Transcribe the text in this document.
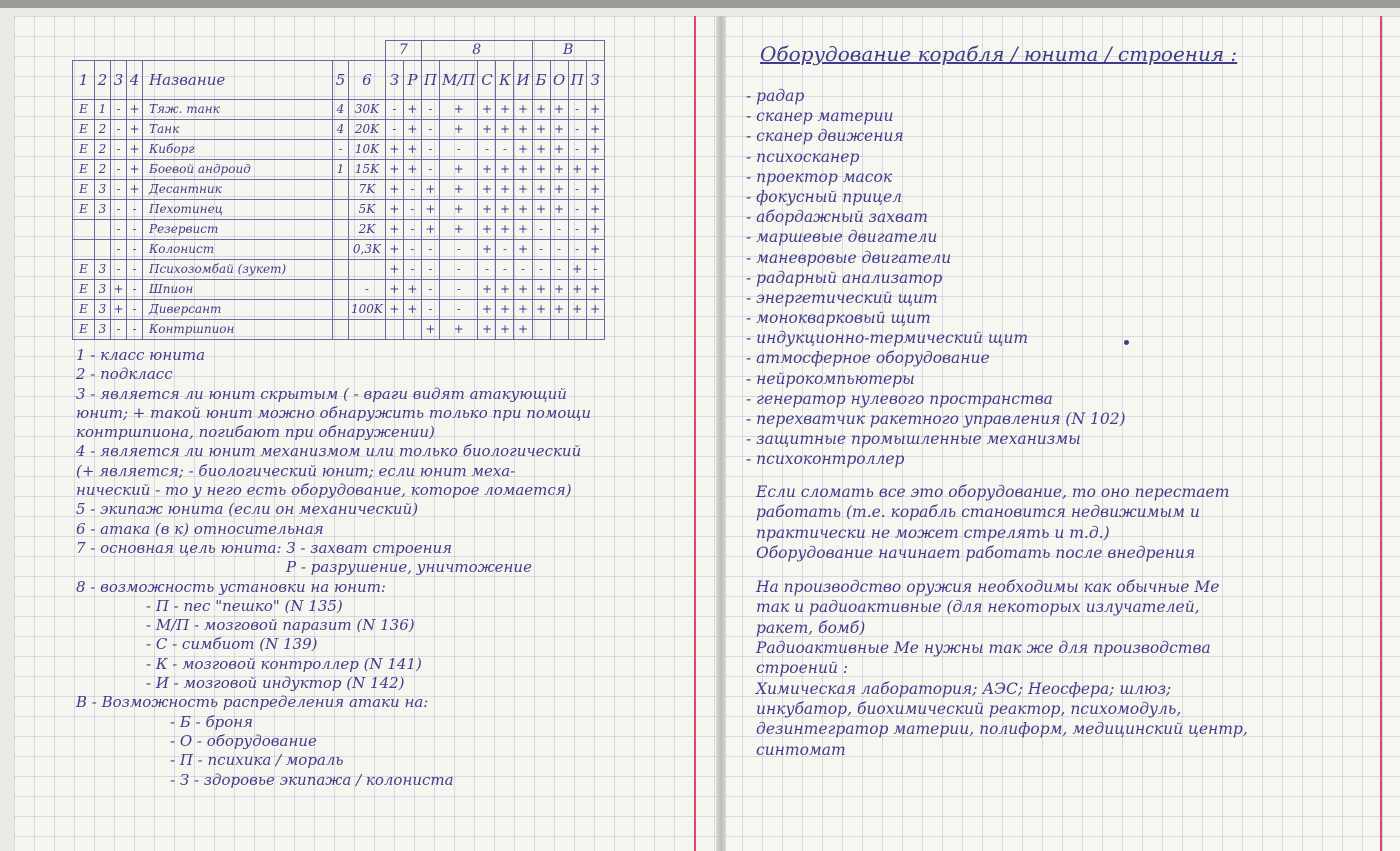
							7		8					В			
1	2	3	4	Название	5	6	З	Р	П	М/П	С	К	И	Б	О	П	З
Е	1	-	+	Тяж. танк	4	30K	-	+	-	+	+	+	+	+	+	-	+
Е	2	-	+	Танк	4	20K	-	+	-	+	+	+	+	+	+	-	+
Е	2	-	+	Киборг	-	10K	+	+	-	-	-	-	+	+	+	-	+
Е	2	-	+	Боевой андроид	1	15K	+	+	-	+	+	+	+	+	+	+	+
Е	3	-	+	Десантник		7K	+	-	+	+	+	+	+	+	+	-	+
Е	3	-	-	Пехотинец		5K	+	-	+	+	+	+	+	+	+	-	+
		-	-	Резервист		2K	+	-	+	+	+	+	+	-	-	-	+
		-	-	Колонист		0,3K	+	-	-	-	+	-	+	-	-	-	+
Е	3	-	-	Психозомбай (зукет)			+	-	-	-	-	-	-	-	-	+	-
Е	3	+	-	Шпион		-	+	+	-	-	+	+	+	+	+	+	+
Е	3	+	-	Диверсант		100K	+	+	-	-	+	+	+	+	+	+	+
Е	3	-	-	Контршпион					+	+	+	+	+				
1 - класс юнита
2 - подкласс
3 - является ли юнит скрытым ( - враги видят атакующий
юнит; + такой юнит можно обнаружить только при помощи
контршпиона, погибают при обнаружении)
4 - является ли юнит механизмом или только биологический
(+ является; - биологический юнит; если юнит меха-
нический - то у него есть оборудование, которое ломается)
5 - экипаж юнита (если он механический)
6 - атака (в к) относительная
7 - основная цель юнита: З - захват строения
Р - разрушение, уничтожение
8 - возможность установки на юнит:
- П - пес "пешко" (N 135)
- М/П - мозговой паразит (N 136)
- С - симбиот (N 139)
- К - мозговой контроллер (N 141)
- И - мозговой индуктор (N 142)
В - Возможность распределения атаки на:
- Б - броня
- О - оборудование
- П - психика / мораль
- З - здоровье экипажа / колониста
Оборудование корабля / юнита / строения :
- радар
- сканер материи
- сканер движения
- психосканер
- проектор масок
- фокусный прицел
- абордажный захват
- маршевые двигатели
- маневровые двигатели
- радарный анализатор
- энергетический щит
- монокварковый щит
- индукционно-термический щит
- атмосферное оборудование
- нейрокомпьютеры
- генератор нулевого пространства
- перехватчик ракетного управления (N 102)
- защитные промышленные механизмы
- психоконтроллер
Если сломать все это оборудование, то оно перестает
работать (т.е. корабль становится недвижимым и
практически не может стрелять и т.д.)
Оборудование начинает работать после внедрения
На производство оружия необходимы как обычные Ме
так и радиоактивные (для некоторых излучателей,
ракет, бомб)
Радиоактивные Ме нужны так же для производства
строений :
Химическая лаборатория; АЭС; Неосфера; шлюз;
инкубатор, биохимический реактор, психомодуль,
дезинтегратор материи, полиформ, медицинский центр,
синтомат
